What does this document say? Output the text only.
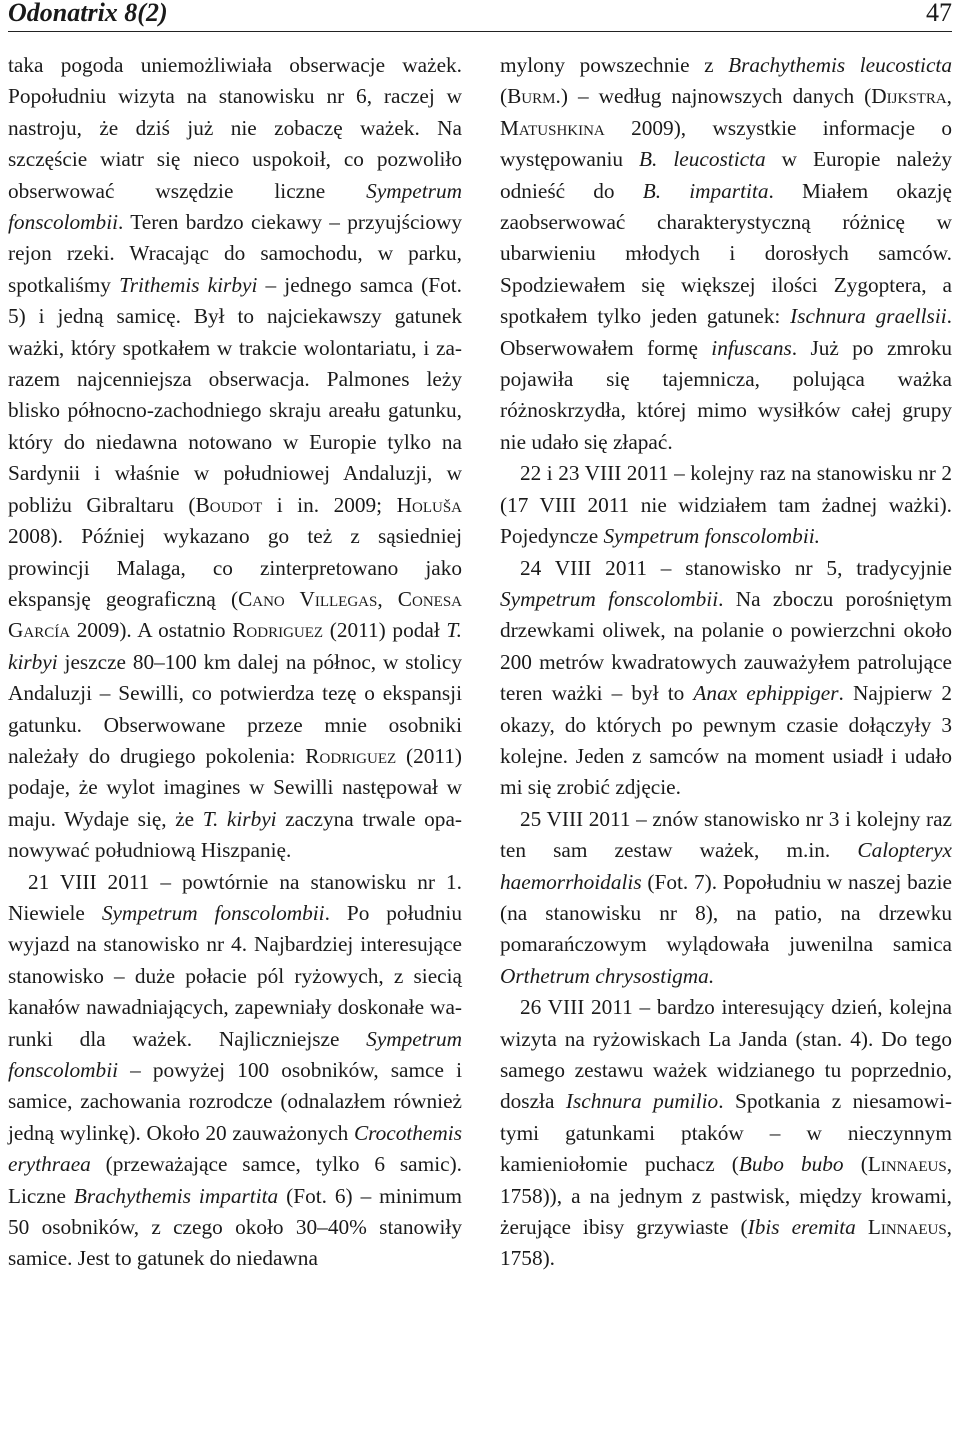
Odonatrix 8(2)	47

taka pogoda uniemożliwiała obserwacje ważek. Popołudniu wizyta na stanowisku nr 6, raczej w nastroju, że dziś już nie zobaczę ważek. Na szczęście wiatr się nieco uspokoił, co pozwoliło obserwować wszędzie liczne Sympetrum fonscolombii. Teren bardzo ciekawy – przyujściowy rejon rzeki. Wracając do samochodu, w parku, spotkaliśmy Trithemis kirbyi – jednego samca (Fot. 5) i jedną samicę. Był to najciekawszy gatunek ważki, który spotkałem w trakcie wolontariatu, i zarazem najcenniejsza obserwacja. Palmones leży blisko północno-zachodniego skraju areału gatunku, który do niedawna notowano w Europie tylko na Sardynii i właśnie w południowej Andaluzji, w pobliżu Gibraltaru (Boudot i in. 2009; Holuša 2008). Później wykazano go też z sąsiedniej prowincji Malaga, co zinterpretowano jako ekspansję geograficzną (Cano Villegas, Conesa García 2009). A ostatnio Rodriguez (2011) podał T. kirbyi jeszcze 80–100 km dalej na północ, w stolicy Andaluzji – Sewilli, co potwierdza tezę o ekspansji gatunku. Obserwowane przeze mnie osobniki należały do drugiego pokolenia: Rodriguez (2011) podaje, że wylot imagines w Sewilli następował w maju. Wydaje się, że T. kirbyi zaczyna trwale opanowywać południową Hiszpanię.

21 VIII 2011 – powtórnie na stanowisku nr 1. Niewiele Sympetrum fonscolombii. Po południu wyjazd na stanowisko nr 4. Najbardziej interesujące stanowisko – duże połacie pól ryżowych, z siecią kanałów nawadniających, zapewniały doskonałe warunki dla ważek. Najliczniejsze Sympetrum fonscolombii – powyżej 100 osobników, samce i samice, zachowania rozrodcze (odnalazłem również jedną wylinkę). Około 20 zauważonych Crocothemis erythraea (przeważające samce, tylko 6 samic). Liczne Brachythemis impartita (Fot. 6) – minimum 50 osobników, z czego około 30–40% stanowiły samice. Jest to gatunek do niedawna

mylony powszechnie z Brachythemis leucosticta (Burm.) – według najnowszych danych (Dijkstra, Matushkina 2009), wszystkie informacje o występowaniu B. leucosticta w Europie należy odnieść do B. impartita. Miałem okazję zaobserwować charakterystyczną różnicę w ubarwieniu młodych i dorosłych samców. Spodziewałem się większej ilości Zygoptera, a spotkałem tylko jeden gatunek: Ischnura graellsii. Obserwowałem formę infuscans. Już po zmroku pojawiła się tajemnicza, polująca ważka różnoskrzydła, której mimo wysiłków całej grupy nie udało się złapać.

22 i 23 VIII 2011 – kolejny raz na stanowisku nr 2 (17 VIII 2011 nie widziałem tam żadnej ważki). Pojedyncze Sympetrum fonscolombii.

24 VIII 2011 – stanowisko nr 5, tradycyjnie Sympetrum fonscolombii. Na zboczu porośniętym drzewkami oliwek, na polanie o powierzchni około 200 metrów kwadratowych zauważyłem patrolujące teren ważki – był to Anax ephippiger. Najpierw 2 okazy, do których po pewnym czasie dołączyły 3 kolejne. Jeden z samców na moment usiadł i udało mi się zrobić zdjęcie.

25 VIII 2011 – znów stanowisko nr 3 i kolejny raz ten sam zestaw ważek, m.in. Calopteryx haemorrhoidalis (Fot. 7). Popołudniu w naszej bazie (na stanowisku nr 8), na patio, na drzewku pomarańczowym wylądowała juwenilna samica Orthetrum chrysostigma.

26 VIII 2011 – bardzo interesujący dzień, kolejna wizyta na ryżowiskach La Janda (stan. 4). Do tego samego zestawu ważek widzianego tu poprzednio, doszła Ischnura pumilio. Spotkania z niesamowitymi gatunkami ptaków – w nieczynnym kamieniołomie puchacz (Bubo bubo (Linnaeus, 1758)), a na jednym z pastwisk, między krowami, żerujące ibisy grzywiaste (Ibis eremita Linnaeus, 1758).
